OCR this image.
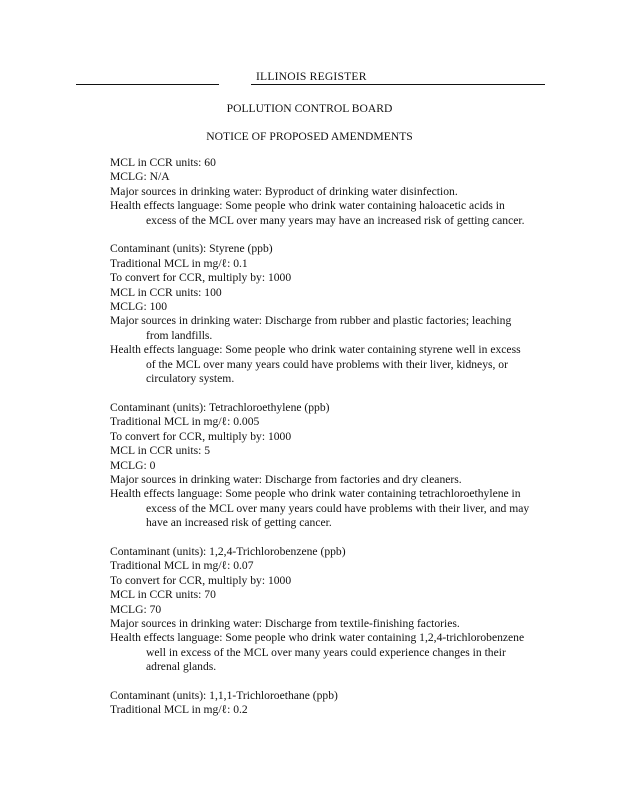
ILLINOIS REGISTER
POLLUTION CONTROL BOARD
NOTICE OF PROPOSED AMENDMENTS
MCL in CCR units: 60
MCLG: N/A
Major sources in drinking water: Byproduct of drinking water disinfection.
Health effects language: Some people who drink water containing haloacetic acids in
excess of the MCL over many years may have an increased risk of getting cancer.
Contaminant (units): Styrene (ppb)
Traditional MCL in mg/ℓ: 0.1
To convert for CCR, multiply by: 1000
MCL in CCR units: 100
MCLG: 100
Major sources in drinking water: Discharge from rubber and plastic factories; leaching
from landfills.
Health effects language: Some people who drink water containing styrene well in excess
of the MCL over many years could have problems with their liver, kidneys, or
circulatory system.
Contaminant (units): Tetrachloroethylene (ppb)
Traditional MCL in mg/ℓ: 0.005
To convert for CCR, multiply by: 1000
MCL in CCR units: 5
MCLG: 0
Major sources in drinking water: Discharge from factories and dry cleaners.
Health effects language: Some people who drink water containing tetrachloroethylene in
excess of the MCL over many years could have problems with their liver, and may
have an increased risk of getting cancer.
Contaminant (units): 1,2,4-Trichlorobenzene (ppb)
Traditional MCL in mg/ℓ: 0.07
To convert for CCR, multiply by: 1000
MCL in CCR units: 70
MCLG: 70
Major sources in drinking water: Discharge from textile-finishing factories.
Health effects language: Some people who drink water containing 1,2,4-trichlorobenzene
well in excess of the MCL over many years could experience changes in their
adrenal glands.
Contaminant (units): 1,1,1-Trichloroethane (ppb)
Traditional MCL in mg/ℓ: 0.2
